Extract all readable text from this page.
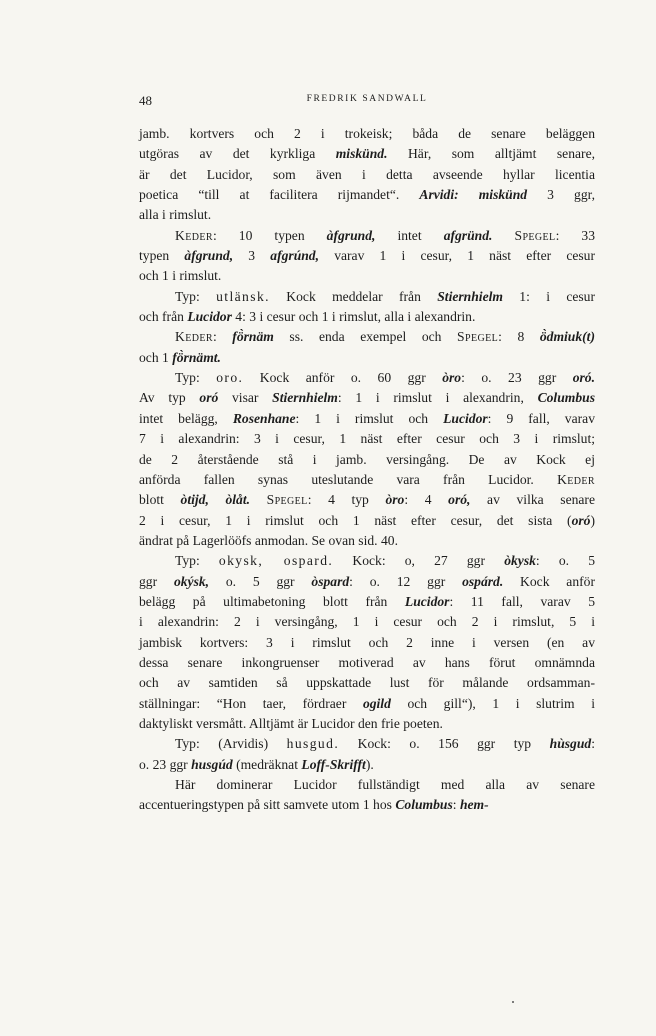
48	FREDRIK SANDWALL
jamb. kortvers och 2 i trokeisk; båda de senare beläggen
utgöras av det kyrkliga miskünd. Här, som alltjämt senare,
är det Lucidor, som även i detta avseende hyllar licentia
poetica “till at facilitera rijmandet“. Arvidi: miskünd 3 ggr,
alla i rimslut.
Keder: 10 typen àfgrund, intet afgründ. Spegel: 33
typen àfgrund, 3 afgrúnd, varav 1 i cesur, 1 näst efter cesur
och 1 i rimslut.
Typ: utlänsk. Kock meddelar från Stiernhielm 1: i cesur
och från Lucidor 4: 3 i cesur och 1 i rimslut, alla i alexandrin.
Keder: fö̀rnäm ss. enda exempel och Spegel: 8 ö̀dmiuk(t)
och 1 fö̀rnämt.
Typ: oro. Kock anför o. 60 ggr òro: o. 23 ggr oró.
Av typ oró visar Stiernhielm: 1 i rimslut i alexandrin, Columbus
intet belägg, Rosenhane: 1 i rimslut och Lucidor: 9 fall, varav
7 i alexandrin: 3 i cesur, 1 näst efter cesur och 3 i rimslut;
de 2 återstående stå i jamb. versingång. De av Kock ej
anförda fallen synas uteslutande vara från Lucidor. Keder
blott òtijd, òlåt. Spegel: 4 typ òro: 4 oró, av vilka senare
2 i cesur, 1 i rimslut och 1 näst efter cesur, det sista (oró)
ändrat på Lagerlööfs anmodan. Se ovan sid. 40.
Typ: okysk, ospard. Kock: o, 27 ggr òkysk: o. 5
ggr okýsk, o. 5 ggr òspard: o. 12 ggr ospárd. Kock anför
belägg på ultimabetoning blott från Lucidor: 11 fall, varav 5
i alexandrin: 2 i versingång, 1 i cesur och 2 i rimslut, 5 i
jambisk kortvers: 3 i rimslut och 2 inne i versen (en av
dessa senare inkongruenser motiverad av hans förut omnämnda
och av samtiden så uppskattade lust för målande ordsamman-
ställningar: “Hon taer, fördraer ogild och gill“), 1 i slutrim i
daktyliskt versmått. Alltjämt är Lucidor den frie poeten.
Typ: (Arvidis) husgud. Kock: o. 156 ggr typ hùsgud:
o. 23 ggr husgúd (medräknat Loff-Skrifft).
Här dominerar Lucidor fullständigt med alla av senare
accentueringstypen på sitt samvete utom 1 hos Columbus: hem-
